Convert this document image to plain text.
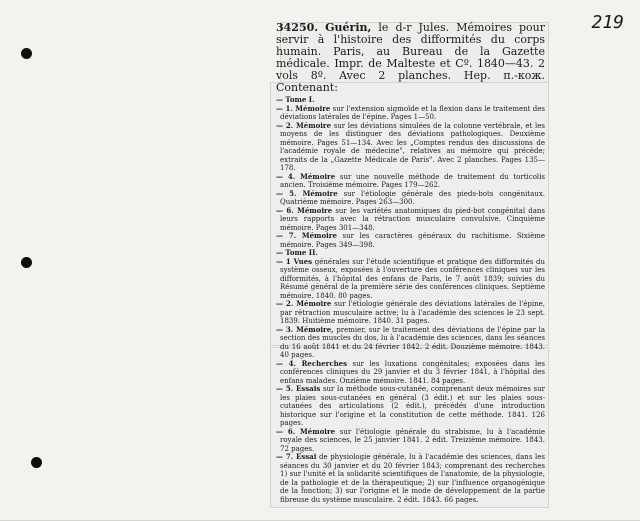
219

34250. Guérin, le d-r Jules. Mémoires pour servir à l'histoire des difformités du corps humain. Paris, au Bureau de la Gazette médicale. Impr. de Malteste et Cº. 1840—43. 2 vols 8º. Avec 2 planches. Hep. п.-кож. Contenant:

— Tome I.

— 1. Mémoire sur l'extension sigmoïde et la flexion dans le traitement des déviations latérales de l'épine. Pages 1—50.

— 2. Mémoire sur les déviations simulées de la colonne vertébrale, et les moyens de les distinguer des déviations pathologiques. Deuxième mémoire. Pages 51—134. Avec les „Comptes rendus des discussions de l'académie royale de médecine", relatives au mémoire qui précède; extraits de la „Gazette Médicale de Paris". Avec 2 planches. Pages 135—178.

— 4. Mémoire sur une nouvelle méthode de traitement du torticolis ancien. Troisième mémoire. Pages 179—262.

— 5. Mémoire sur l'étiologie générale des pieds-bots congénitaux. Quatrième mémoire. Pages 263—300.

— 6. Mémoire sur les variétés anatomiques du pied-bot congénital dans leurs rapports avec la rétraction musculaire convulsive. Cinquième mémoire. Pages 301—348.

— 7. Mémoire sur les caractères généraux du rachitisme. Sixième mémoire. Pages 349—398.

— Tome II.

— 1 Vues générales sur l'étude scientifique et pratique des difformités du système osseux, exposées à l'ouverture des conférences cliniques sur les difformités, à l'hôpital des enfans de Paris, le 7 août 1839; suivies du Résumé général de la première série des conférences cliniques. Septième mémoire. 1840. 80 pages.

— 2. Mémoire sur l'étiologie générale des déviations latérales de l'épine, par rétraction musculaire active; lu à l'académie des sciences le 23 sept. 1839. Huitième mémoire. 1840. 31 pages.

— 3. Mémoire, premier, sur le traitement des déviations de l'épine par la section des muscles du dos, lu à l'académie des sciences, dans les séances du 16 août 1841 et du 24 février 1842. 2 édit. Douzième mémoire. 1843. 40 pages.

— 4. Recherches sur les luxations congénitales; exposées dans les conférences cliniques du 29 janvier et du 3 février 1841, à l'hôpital des enfans malades. Onzième mémoire. 1841. 84 pages.

— 5. Essais sur la méthode sous-cutanée, comprenant deux mémoires sur les plaies sous-cutanées en général (3 édit.) et sur les plaies sous-cutanées des articulations (2 édit.), précédés d'une introduction historique sur l'origine et la constitution de cette méthode. 1841. 126 pages.

— 6. Mémoire sur l'étiologie générale du strabisme, lu à l'académie royale des sciences, le 25 janvier 1841. 2 édit. Treizième mémoire. 1843. 72 pages.

— 7. Essai de physiologie générale, lu à l'académie des sciences, dans les séances du 30 janvier et du 20 février 1843; comprenant des recherches 1) sur l'unité et la solidarité scientifiques de l'anatomie, de la physiologie, de la pathologie et de la thérapeutique; 2) sur l'influence organogénique de la fonction; 3) sur l'origine et le mode de développement de la partie fibreuse du système musculaire. 2 édit. 1843. 66 pages.
